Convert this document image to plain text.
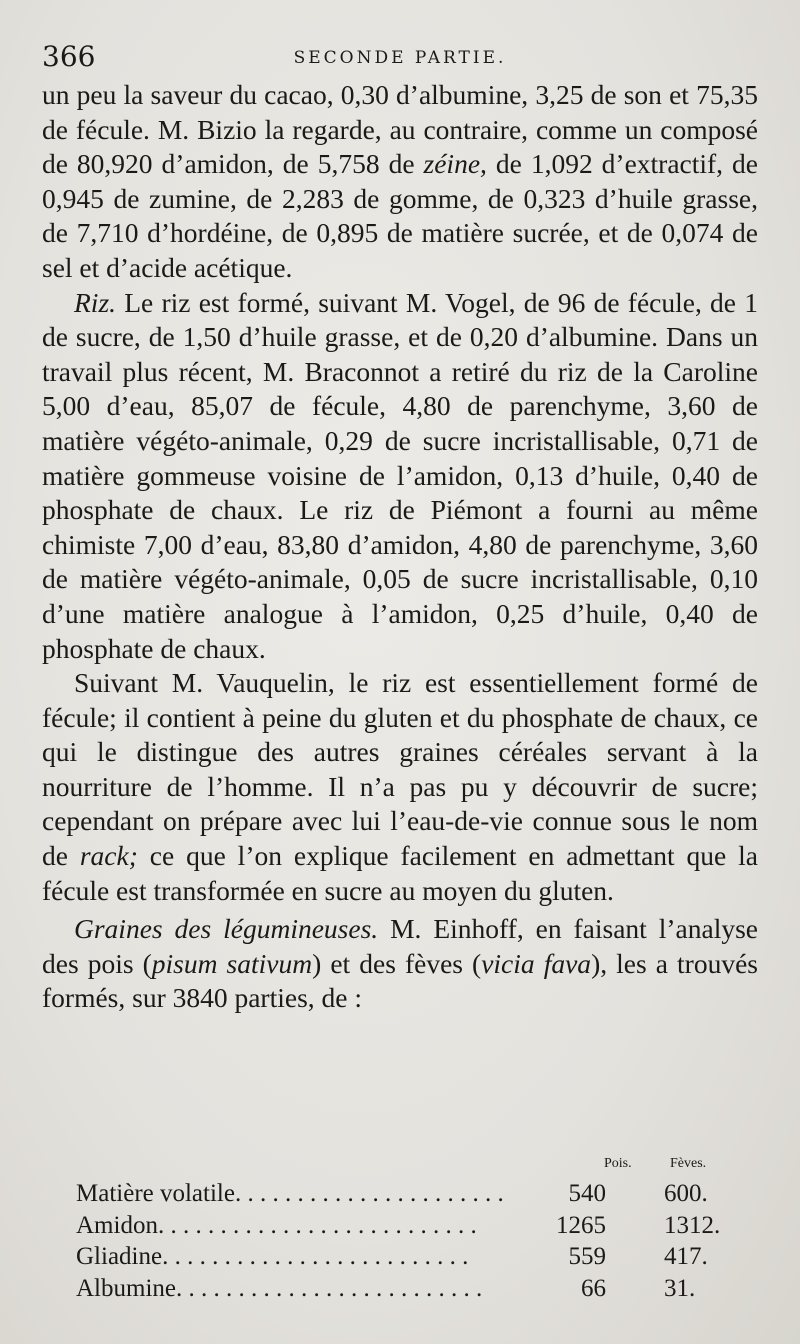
366	SECONDE PARTIE.

un peu la saveur du cacao, 0,30 d’albumine, 3,25 de son et 75,35 de fécule. M. Bizio la regarde, au contraire, comme un composé de 80,920 d’amidon, de 5,758 de zéine, de 1,092 d’extractif, de 0,945 de zumine, de 2,283 de gomme, de 0,323 d’huile grasse, de 7,710 d’hordéine, de 0,895 de matière sucrée, et de 0,074 de sel et d’acide acétique.

Riz. Le riz est formé, suivant M. Vogel, de 96 de fécule, de 1 de sucre, de 1,50 d’huile grasse, et de 0,20 d’albumine. Dans un travail plus récent, M. Braconnot a retiré du riz de la Caroline 5,00 d’eau, 85,07 de fécule, 4,80 de parenchyme, 3,60 de matière végéto-animale, 0,29 de sucre incristallisable, 0,71 de matière gommeuse voisine de l’amidon, 0,13 d’huile, 0,40 de phosphate de chaux. Le riz de Piémont a fourni au même chimiste 7,00 d’eau, 83,80 d’amidon, 4,80 de parenchyme, 3,60 de matière végéto-animale, 0,05 de sucre incristallisable, 0,10 d’une matière analogue à l’amidon, 0,25 d’huile, 0,40 de phosphate de chaux.

Suivant M. Vauquelin, le riz est essentiellement formé de fécule; il contient à peine du gluten et du phosphate de chaux, ce qui le distingue des autres graines céréales servant à la nourriture de l’homme. Il n’a pas pu y découvrir de sucre; cependant on prépare avec lui l’eau-de-vie connue sous le nom de rack; ce que l’on explique facilement en admettant que la fécule est transformée en sucre au moyen du gluten.

Graines des légumineuses. M. Einhoff, en faisant l’analyse des pois (pisum sativum) et des fèves (vicia fava), les a trouvés formés, sur 3840 parties, de :

Pois.	Fèves.
Matière volatile. . . . . . . . . . . . . . . . . . . . . .	540	600.
Amidon. . . . . . . . . . . . . . . . . . . . . . . . . .	1265	1312.
Gliadine. . . . . . . . . . . . . . . . . . . . . . . . .	559	417.
Albumine. . . . . . . . . . . . . . . . . . . . . . . . .	66	31.
